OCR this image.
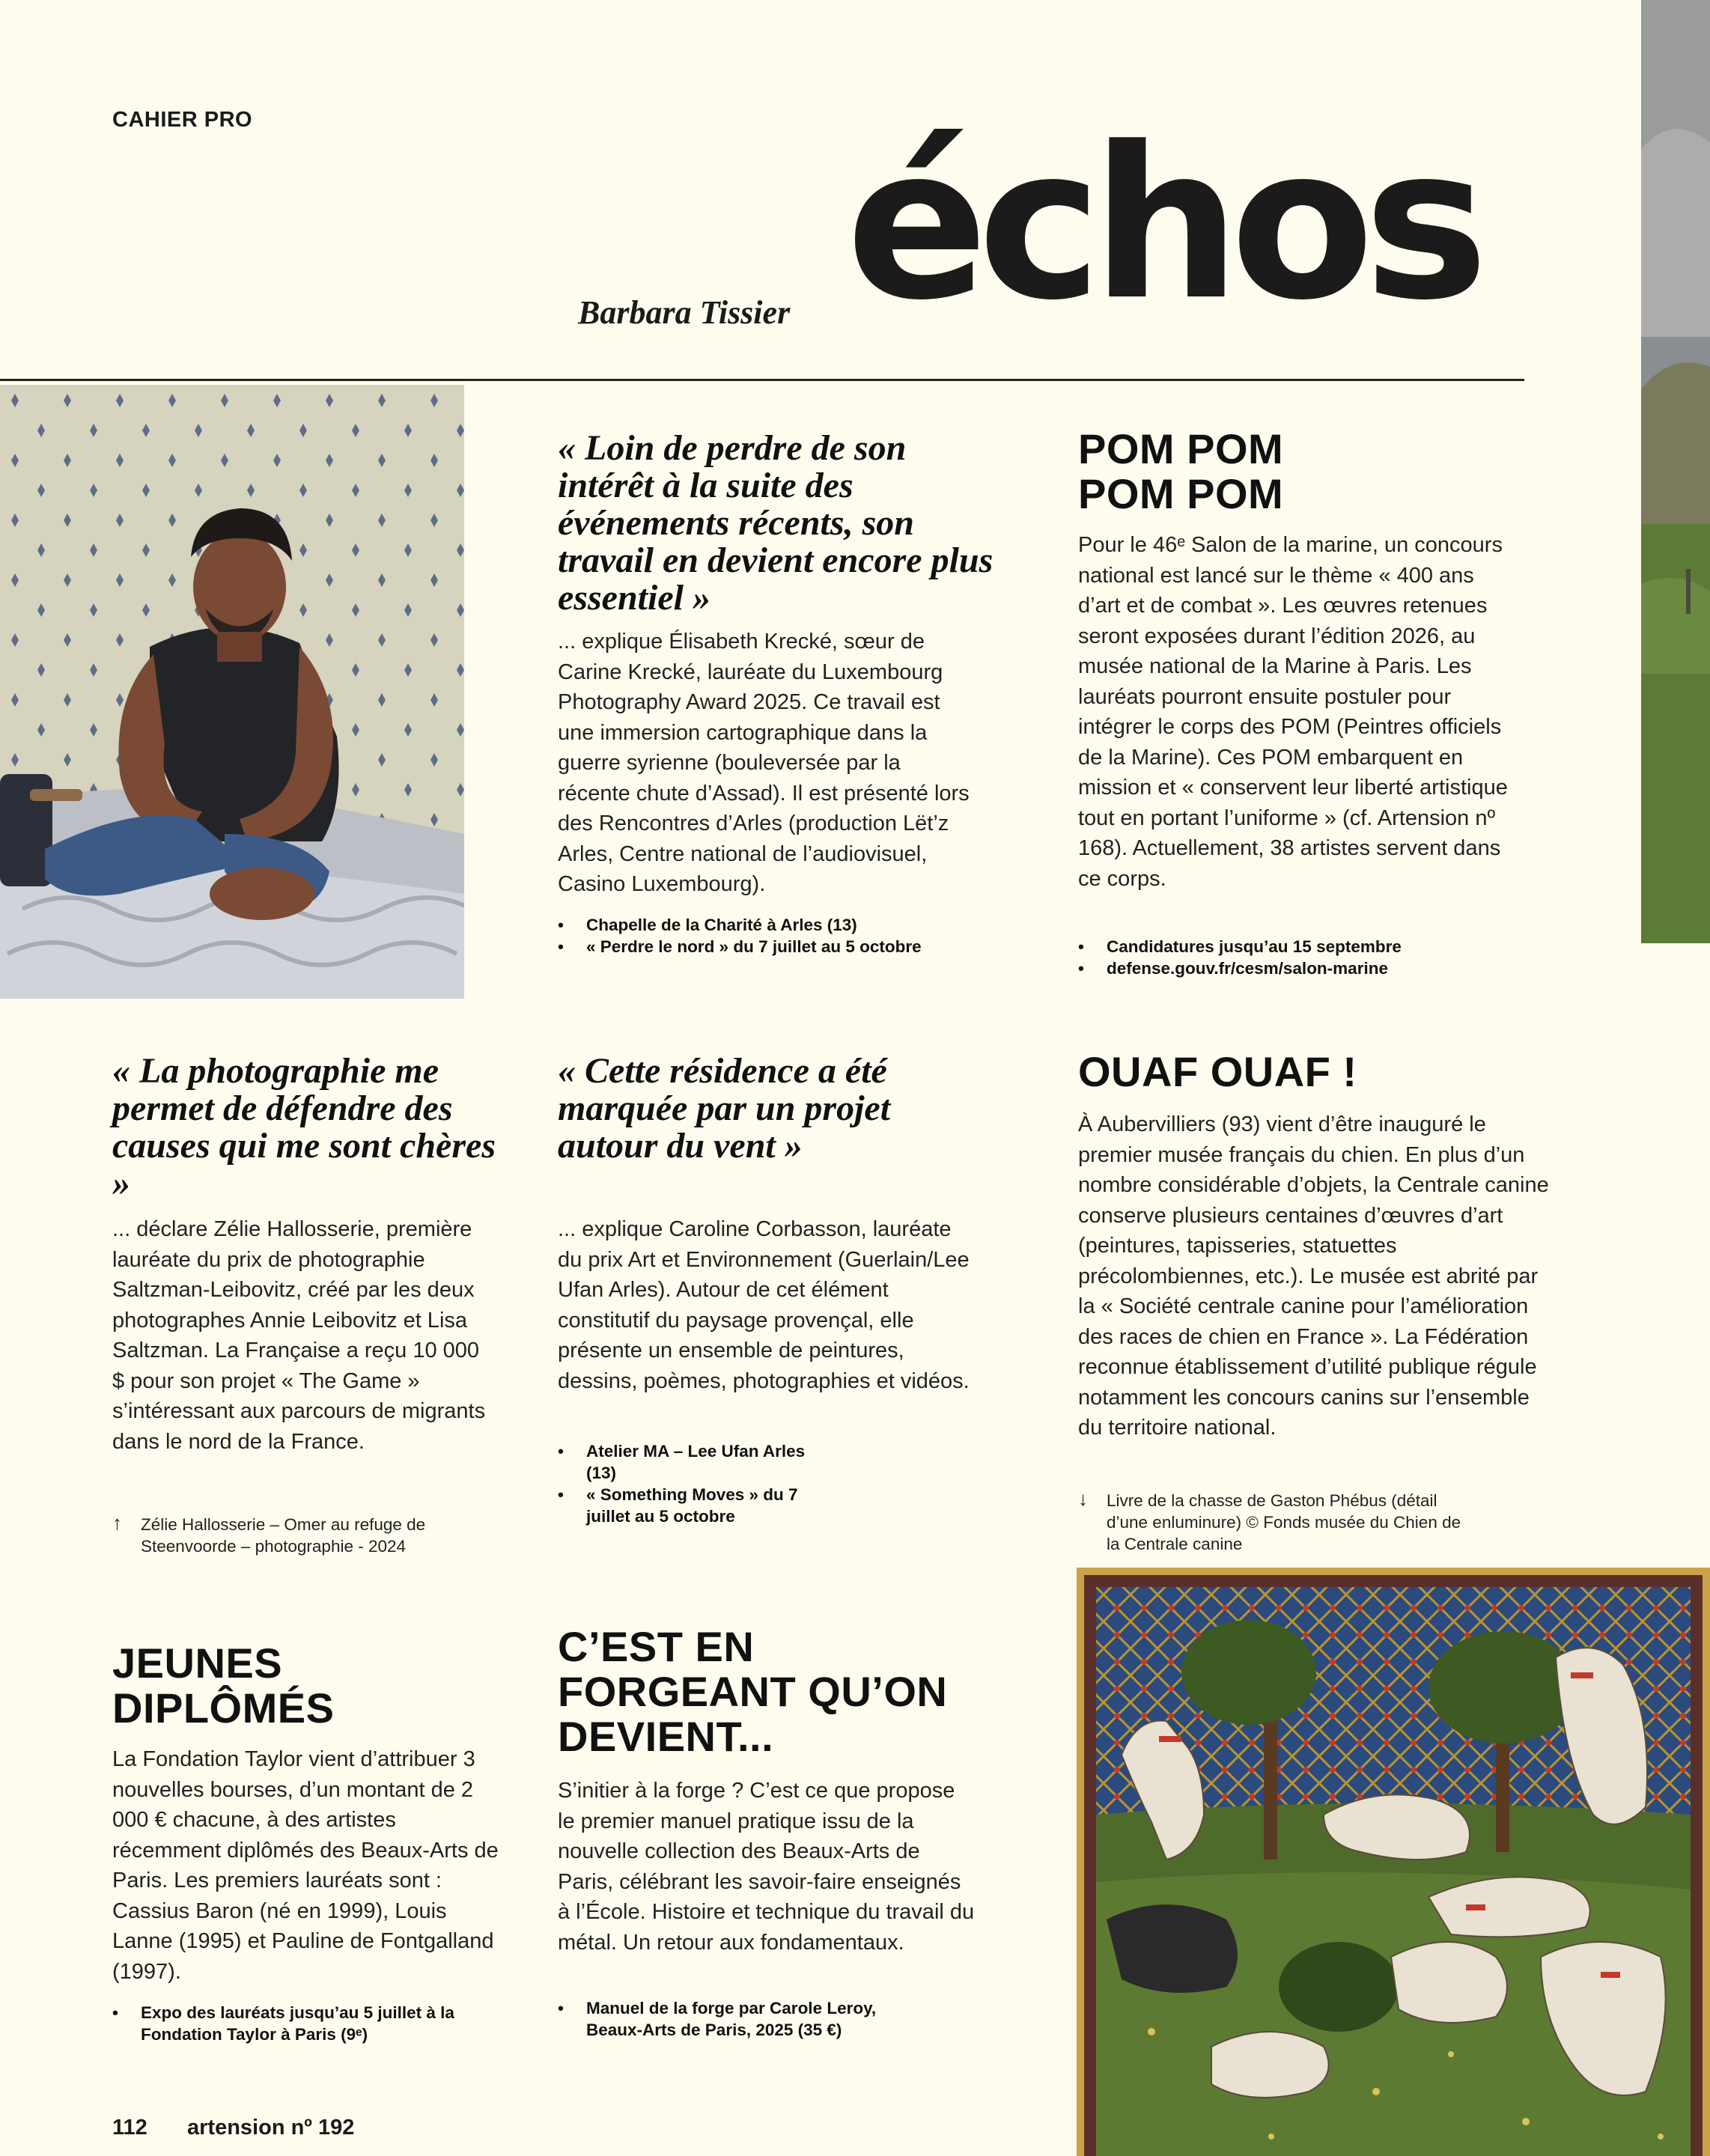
CAHIER PRO
Barbara Tissier échos
« Loin de perdre de son intérêt à la suite des événements récents, son travail en devient encore plus essentiel »
... explique Élisabeth Krecké, sœur de Carine Krecké, lauréate du Luxembourg Photography Award 2025. Ce travail est une immersion cartographique dans la guerre syrienne (bouleversée par la récente chute d’Assad). Il est présenté lors des Rencontres d’Arles (production Lët’z Arles, Centre national de l’audiovisuel, Casino Luxembourg).
• Chapelle de la Charité à Arles (13)
• « Perdre le nord » du 7 juillet au 5 octobre
POM POM POM POM
Pour le 46ᵉ Salon de la marine, un concours national est lancé sur le thème « 400 ans d’art et de combat ». Les œuvres retenues seront exposées durant l’édition 2026, au musée national de la Marine à Paris. Les lauréats pourront ensuite postuler pour intégrer le corps des POM (Peintres officiels de la Marine). Ces POM embarquent en mission et « conservent leur liberté artistique tout en portant l’uniforme » (cf. Artension nº 168). Actuellement, 38 artistes servent dans ce corps.
• Candidatures jusqu’au 15 septembre
• defense.gouv.fr/cesm/salon-marine
« La photographie me permet de défendre des causes qui me sont chères »
... déclare Zélie Hallosserie, première lauréate du prix de photographie Saltzman-Leibovitz, créé par les deux photographes Annie Leibovitz et Lisa Saltzman. La Française a reçu 10 000 $ pour son projet « The Game » s’intéressant aux parcours de migrants dans le nord de la France.
↑ Zélie Hallosserie – Omer au refuge de Steenvoorde – photographie - 2024
« Cette résidence a été marquée par un projet autour du vent »
... explique Caroline Corbasson, lauréate du prix Art et Environnement (Guerlain/Lee Ufan Arles). Autour de cet élément constitutif du paysage provençal, elle présente un ensemble de peintures, dessins, poèmes, photographies et vidéos.
• Atelier MA – Lee Ufan Arles (13)
• « Something Moves » du 7 juillet au 5 octobre
OUAF OUAF !
À Aubervilliers (93) vient d’être inauguré le premier musée français du chien. En plus d’un nombre considérable d’objets, la Centrale canine conserve plusieurs centaines d’œuvres d’art (peintures, tapisseries, statuettes précolombiennes, etc.). Le musée est abrité par la « Société centrale canine pour l’amélioration des races de chien en France ». La Fédération reconnue établissement d’utilité publique régule notamment les concours canins sur l’ensemble du territoire national.
↓ Livre de la chasse de Gaston Phébus (détail d’une enluminure) © Fonds musée du Chien de la Centrale canine
JEUNES DIPLÔMÉS
La Fondation Taylor vient d’attribuer 3 nouvelles bourses, d’un montant de 2 000 € chacune, à des artistes récemment diplômés des Beaux-Arts de Paris. Les premiers lauréats sont : Cassius Baron (né en 1999), Louis Lanne (1995) et Pauline de Fontgalland (1997).
• Expo des lauréats jusqu’au 5 juillet à la Fondation Taylor à Paris (9ᵉ)
C’EST EN FORGEANT QU’ON DEVIENT...
S’initier à la forge ? C’est ce que propose le premier manuel pratique issu de la nouvelle collection des Beaux-Arts de Paris, célébrant les savoir-faire enseignés à l’École. Histoire et technique du travail du métal. Un retour aux fondamentaux.
• Manuel de la forge par Carole Leroy, Beaux-Arts de Paris, 2025 (35 €)
112 artension nº 192
